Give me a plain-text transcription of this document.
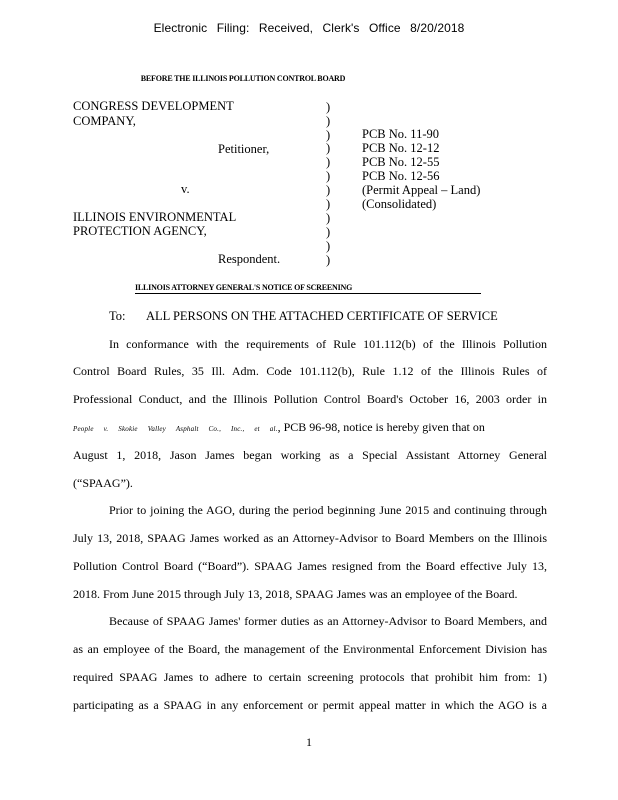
Electronic Filing: Received, Clerk's Office 8/20/2018
BEFORE THE ILLINOIS POLLUTION CONTROL BOARD
CONGRESS DEVELOPMENT
COMPANY,
Petitioner,
v.
ILLINOIS ENVIRONMENTAL
PROTECTION AGENCY,
Respondent.
)
)
)
)
)
)
)
)
)
)
)
)
PCB No. 11-90
PCB No. 12-12
PCB No. 12-55
PCB No. 12-56
(Permit Appeal – Land)
(Consolidated)
ILLINOIS ATTORNEY GENERAL'S NOTICE OF SCREENING
To: ALL PERSONS ON THE ATTACHED CERTIFICATE OF SERVICE
In conformance with the requirements of Rule 101.112(b) of the Illinois Pollution
Control Board Rules, 35 Ill. Adm. Code 101.112(b), Rule 1.12 of the Illinois Rules of
Professional Conduct, and the Illinois Pollution Control Board's October 16, 2003 order in
People v. Skokie Valley Asphalt Co., Inc., et al., PCB 96-98, notice is hereby given that on
August 1, 2018, Jason James began working as a Special Assistant Attorney General
(“SPAAG”).
Prior to joining the AGO, during the period beginning June 2015 and continuing through
July 13, 2018, SPAAG James worked as an Attorney-Advisor to Board Members on the Illinois
Pollution Control Board (“Board”). SPAAG James resigned from the Board effective July 13,
2018. From June 2015 through July 13, 2018, SPAAG James was an employee of the Board.
Because of SPAAG James' former duties as an Attorney-Advisor to Board Members, and
as an employee of the Board, the management of the Environmental Enforcement Division has
required SPAAG James to adhere to certain screening protocols that prohibit him from: 1)
participating as a SPAAG in any enforcement or permit appeal matter in which the AGO is a
1
